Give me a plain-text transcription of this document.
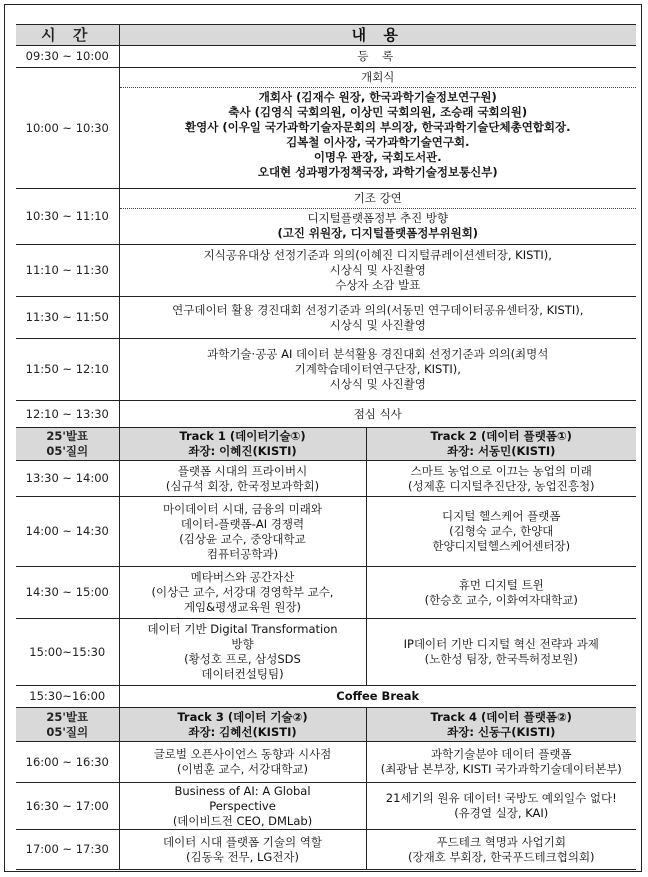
시 간	내 용
09:30 ~ 10:00	등 록

10:00 ~ 10:30	
개회식
개회사 (김재수 원장, 한국과학기술정보연구원)
축사 (김영식 국회의원, 이상민 국회의원, 조승래 국회의원)
환영사 (이우일 국가과학기술자문회의 부의장, 한국과학기술단체총연합회장.
김복철 이사장, 국가과학기술연구회.
이명우 관장, 국회도서관.
오대현 성과평가정책국장, 과학기술정보통신부)

10:30 ~ 11:10	
기조 강연
디지털플랫폼정부 추진 방향
(고진 위원장, 디지털플랫폼정부위원회)

11:10 ~ 11:30	
지식공유대상 선정기준과 의의(이혜진 디지털큐레이션센터장, KISTI),
시상식 및 사진촬영
수상자 소감 발표

11:30 ~ 11:50	
연구데이터 활용 경진대회 선정기준과 의의(서동민 연구데이터공유센터장, KISTI),
시상식 및 사진촬영

11:50 ~ 12:10	
과학기술·공공 AI 데이터 분석활용 경진대회 선정기준과 의의(최명석
기계학습데이터연구단장, KISTI),
시상식 및 사진촬영

12:10 ~ 13:30	점심 식사

25'발표
05'질의

Track 1 (데이터기술①)
좌장: 이혜진(KISTI)

Track 2 (데이터 플랫폼①)
좌장: 서동민(KISTI)

13:30 ~ 14:00	
플랫폼 시대의 프라이버시
(심규석 회장, 한국정보과학회)

스마트 농업으로 이끄는 농업의 미래
(성제훈 디지털추진단장, 농업진흥청)

14:00 ~ 14:30	
마이데이터 시대, 금융의 미래와
데이터-플랫폼-AI 경쟁력
(김상윤 교수, 중앙대학교
컴퓨터공학과)

디지털 헬스케어 플랫폼
(김형숙 교수, 한양대
한양디지털헬스케어센터장)

14:30 ~ 15:00	
메타버스와 공간자산
(이상근 교수, 서강대 경영학부 교수,
게임&평생교육원 원장)

휴먼 디지털 트윈
(한승호 교수, 이화여자대학교)

15:00~15:30	
데이터 기반 Digital Transformation
방향
(황성호 프로, 삼성SDS
데이터컨설팅팀)

IP데이터 기반 디지털 혁신 전략과 과제
(노한성 팀장, 한국특허정보원)

15:30~16:00	Coffee Break

25'발표
05'질의

Track 3 (데이터 기술②)
좌장: 김혜선(KISTI)

Track 4 (데이터 플랫폼②)
좌장: 신동구(KISTI)

16:00 ~ 16:30	
글로벌 오픈사이언스 동향과 시사점
(이범훈 교수, 서강대학교)

과학기술분야 데이터 플랫폼
(최광남 본부장, KISTI 국가과학기술데이터본부)

16:30 ~ 17:00	
Business of AI: A Global
Perspective
(데이비드전 CEO, DMLab)

21세기의 원유 데이터! 국방도 예외일수 없다!
(유경열 실장, KAI)

17:00 ~ 17:30	
데이터 시대 플랫폼 기술의 역할
(김동욱 전무, LG전자)

푸드테크 혁명과 사업기회
(장재호 부회장, 한국푸드테크협의회)
